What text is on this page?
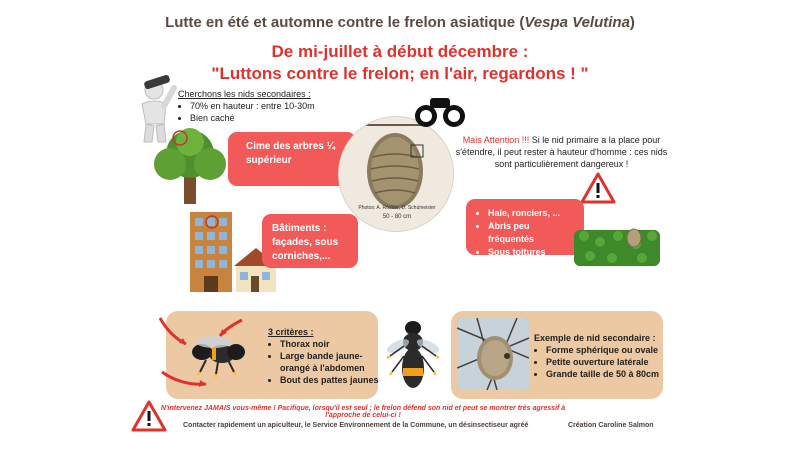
Lutte en été et automne contre le frelon asiatique (Vespa Velutina)
De mi-juillet à début décembre :
"Luttons contre le frelon; en l'air, regardons ! "
Cherchons les nids secondaires :
• 70% en hauteur : entre 10-30m
• Bien caché
Cime des arbres ¼ supérieur
Bâtiments : façades, sous corniches,...
Photos: A. Rôdder, D. Schümeister
50 - 80 cm
Mais Attention !!! Si le nid primaire a la place pour s'étendre, il peut rester à hauteur d'homme : ces nids sont particulièrement dangereux !
• Haie, ronciers, ...
• Abris peu fréquentés
• Sous toitures
3 critères :
• Thorax noir
• Large bande jaune-orangé à l'abdomen
• Bout des pattes jaunes
Exemple de nid secondaire :
• Forme sphérique ou ovale
• Petite ouverture latérale
• Grande taille de 50 à 80cm
N'intervenez JAMAIS vous-même ! Pacifique, lorsqu'il est seul ; le frelon défend son nid et peut se montrer très agressif à l'approche de celui-ci !
Contacter rapidement un apiculteur, le Service Environnement de la Commune, un désinsectiseur agréé	Création Caroline Salmon
